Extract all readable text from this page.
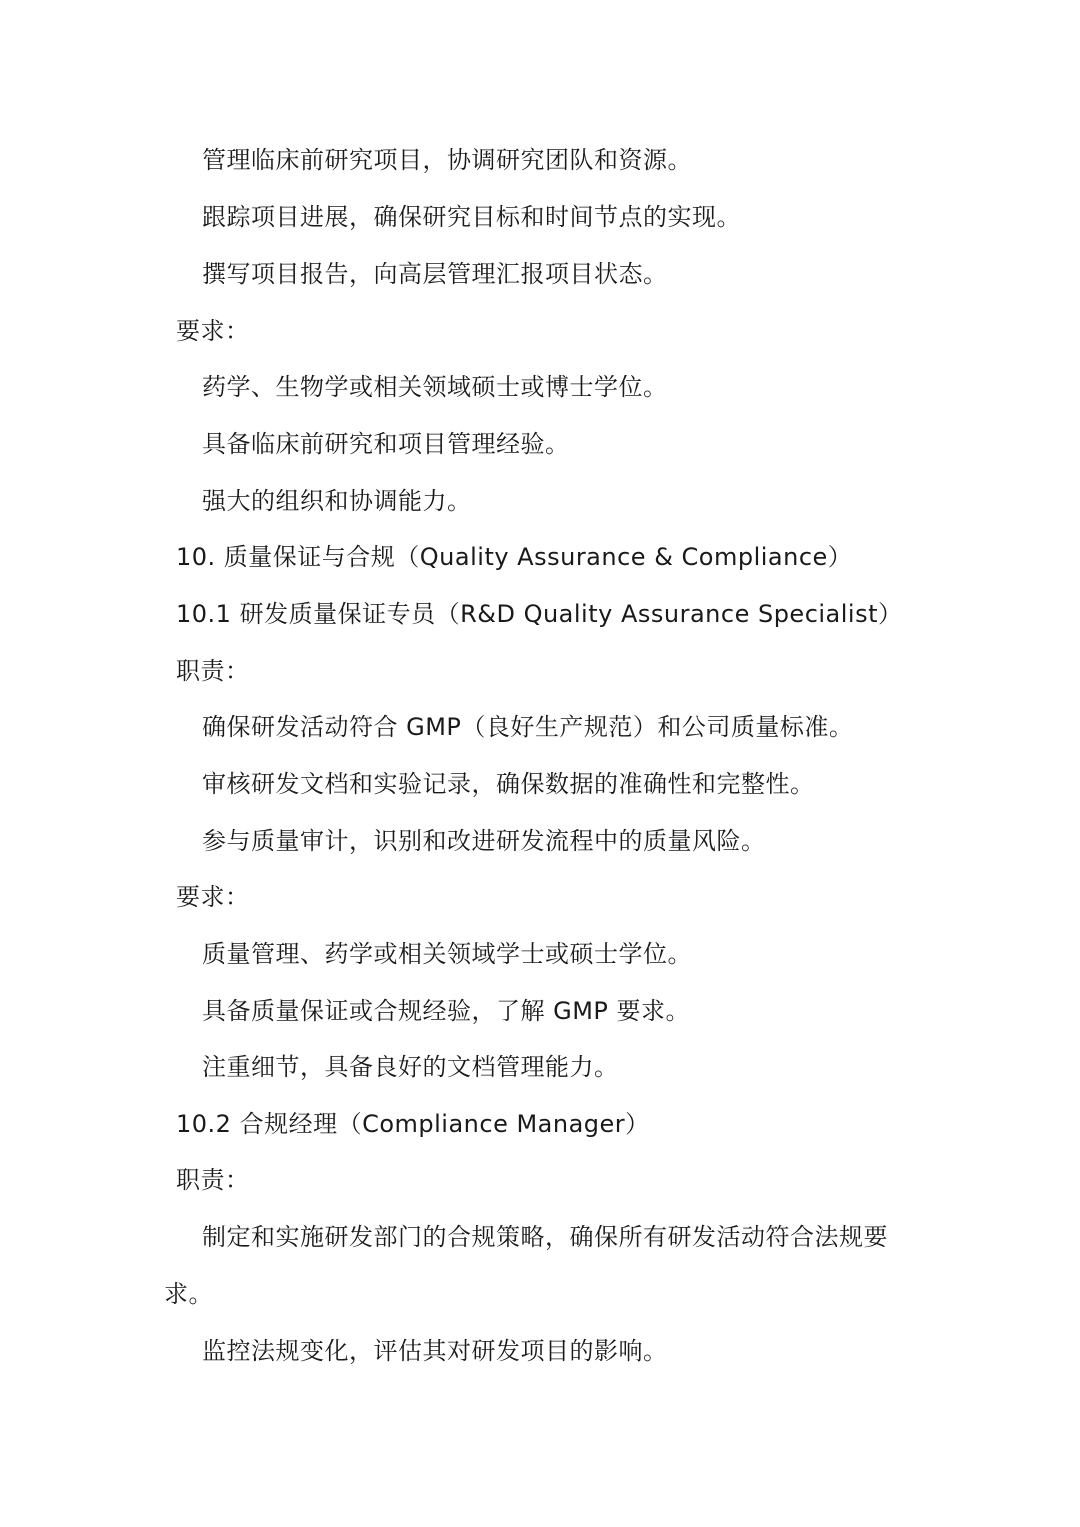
管理临床前研究项目，协调研究团队和资源。
跟踪项目进展，确保研究目标和时间节点的实现。
撰写项目报告，向高层管理汇报项目状态。
要求：
药学、生物学或相关领域硕士或博士学位。
具备临床前研究和项目管理经验。
强大的组织和协调能力。
10. 质量保证与合规（Quality Assurance & Compliance）
10.1 研发质量保证专员（R&D Quality Assurance Specialist）
职责：
确保研发活动符合 GMP（良好生产规范）和公司质量标准。
审核研发文档和实验记录，确保数据的准确性和完整性。
参与质量审计，识别和改进研发流程中的质量风险。
要求：
质量管理、药学或相关领域学士或硕士学位。
具备质量保证或合规经验，了解 GMP 要求。
注重细节，具备良好的文档管理能力。
10.2 合规经理（Compliance Manager）
职责：
制定和实施研发部门的合规策略，确保所有研发活动符合法规要
求。
监控法规变化，评估其对研发项目的影响。
